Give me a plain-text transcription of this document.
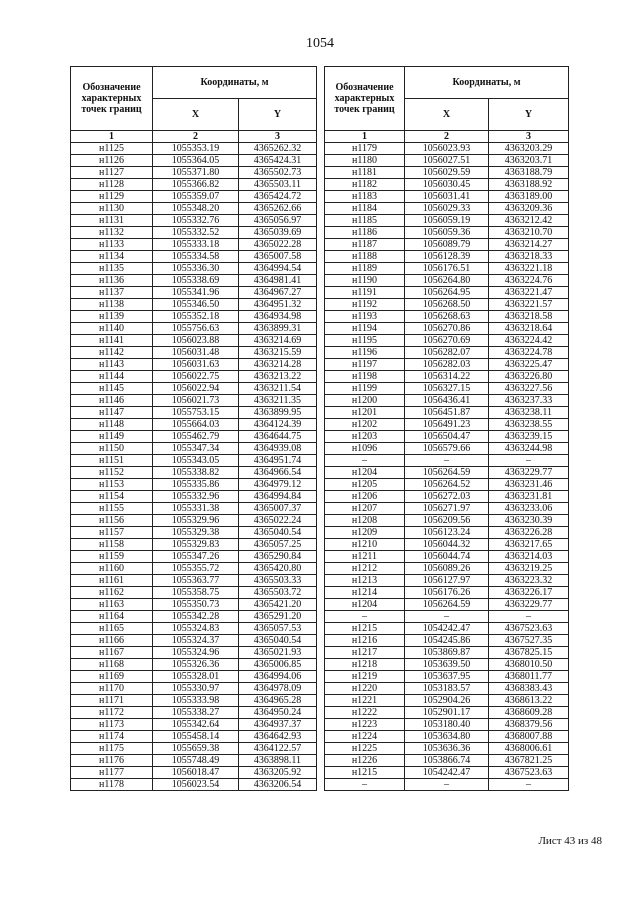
1054
Обозначение характерных точек границ	Координаты, м			Обозначение характерных точек границ	Координаты, м	
	X	Y			X	Y
1	2	3		1	2	3
н1125	1055353.19	4365262.32		н1179	1056023.93	4363203.29
н1126	1055364.05	4365424.31		н1180	1056027.51	4363203.71
н1127	1055371.80	4365502.73		н1181	1056029.59	4363188.79
н1128	1055366.82	4365503.11		н1182	1056030.45	4363188.92
н1129	1055359.07	4365424.72		н1183	1056031.41	4363189.00
н1130	1055348.20	4365262.66		н1184	1056029.33	4363209.36
н1131	1055332.76	4365056.97		н1185	1056059.19	4363212.42
н1132	1055332.52	4365039.69		н1186	1056059.36	4363210.70
н1133	1055333.18	4365022.28		н1187	1056089.79	4363214.27
н1134	1055334.58	4365007.58		н1188	1056128.39	4363218.33
н1135	1055336.30	4364994.54		н1189	1056176.51	4363221.18
н1136	1055338.69	4364981.41		н1190	1056264.80	4363224.76
н1137	1055341.96	4364967.27		н1191	1056264.95	4363221.47
н1138	1055346.50	4364951.32		н1192	1056268.50	4363221.57
н1139	1055352.18	4364934.98		н1193	1056268.63	4363218.58
н1140	1055756.63	4363899.31		н1194	1056270.86	4363218.64
н1141	1056023.88	4363214.69		н1195	1056270.69	4363224.42
н1142	1056031.48	4363215.59		н1196	1056282.07	4363224.78
н1143	1056031.63	4363214.28		н1197	1056282.03	4363225.47
н1144	1056022.75	4363213.22		н1198	1056314.22	4363226.80
н1145	1056022.94	4363211.54		н1199	1056327.15	4363227.56
н1146	1056021.73	4363211.35		н1200	1056436.41	4363237.33
н1147	1055753.15	4363899.95		н1201	1056451.87	4363238.11
н1148	1055664.03	4364124.39		н1202	1056491.23	4363238.55
н1149	1055462.79	4364644.75		н1203	1056504.47	4363239.15
н1150	1055347.34	4364939.08		н1096	1056579.66	4363244.98
н1151	1055343.05	4364951.74		–	–	–
н1152	1055338.82	4364966.54		н1204	1056264.59	4363229.77
н1153	1055335.86	4364979.12		н1205	1056264.52	4363231.46
н1154	1055332.96	4364994.84		н1206	1056272.03	4363231.81
н1155	1055331.38	4365007.37		н1207	1056271.97	4363233.06
н1156	1055329.96	4365022.24		н1208	1056209.56	4363230.39
н1157	1055329.38	4365040.54		н1209	1056123.24	4363226.28
н1158	1055329.83	4365057.25		н1210	1056044.32	4363217.65
н1159	1055347.26	4365290.84		н1211	1056044.74	4363214.03
н1160	1055355.72	4365420.80		н1212	1056089.26	4363219.25
н1161	1055363.77	4365503.33		н1213	1056127.97	4363223.32
н1162	1055358.75	4365503.72		н1214	1056176.26	4363226.17
н1163	1055350.73	4365421.20		н1204	1056264.59	4363229.77
н1164	1055342.28	4365291.20		–	–	–
н1165	1055324.83	4365057.53		н1215	1054242.47	4367523.63
н1166	1055324.37	4365040.54		н1216	1054245.86	4367527.35
н1167	1055324.96	4365021.93		н1217	1053869.87	4367825.15
н1168	1055326.36	4365006.85		н1218	1053639.50	4368010.50
н1169	1055328.01	4364994.06		н1219	1053637.95	4368011.77
н1170	1055330.97	4364978.09		н1220	1053183.57	4368383.43
н1171	1055333.98	4364965.28		н1221	1052904.26	4368613.22
н1172	1055338.27	4364950.24		н1222	1052901.17	4368609.28
н1173	1055342.64	4364937.37		н1223	1053180.40	4368379.56
н1174	1055458.14	4364642.93		н1224	1053634.80	4368007.88
н1175	1055659.38	4364122.57		н1225	1053636.36	4368006.61
н1176	1055748.49	4363898.11		н1226	1053866.74	4367821.25
н1177	1056018.47	4363205.92		н1215	1054242.47	4367523.63
н1178	1056023.54	4363206.54		–	–	–
Лист 43 из 48
